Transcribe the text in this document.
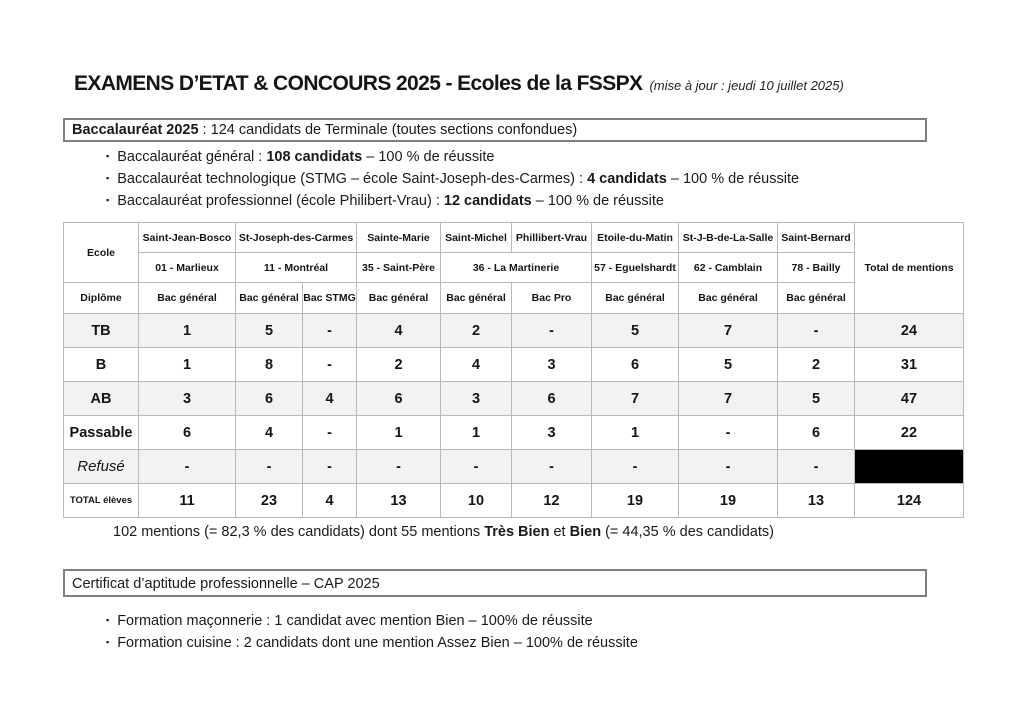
EXAMENS D’ETAT & CONCOURS 2025 - Ecoles de la FSSPX (mise à jour : jeudi 10 juillet 2025)
Baccalauréat 2025 : 124 candidats de Terminale (toutes sections confondues)
▪ Baccalauréat général : 108 candidats – 100 % de réussite
▪ Baccalauréat technologique (STMG – école Saint-Joseph-des-Carmes) : 4 candidats – 100 % de réussite
▪ Baccalauréat professionnel (école Philibert-Vrau) : 12 candidats – 100 % de réussite
Ecole	Saint-Jean-Bosco	St-Joseph-des-Carmes		Sainte-Marie	Saint-Michel	Phillibert-Vrau	Etoile-du-Matin	St-J-B-de-La-Salle	Saint-Bernard	Total de mentions
	01 - Marlieux	11 - Montréal		35 - Saint-Père	36 - La Martinerie		57 - Eguelshardt	62 - Camblain	78 - Bailly	
Diplôme	Bac général	Bac général	Bac STMG	Bac général	Bac général	Bac Pro	Bac général	Bac général	Bac général	
TB	1	5	-	4	2	-	5	7	-	24
B	1	8	-	2	4	3	6	5	2	31
AB	3	6	4	6	3	6	7	7	5	47
Passable	6	4	-	1	1	3	1	-	6	22
Refusé	-	-	-	-	-	-	-	-	-	
TOTAL élèves	11	23	4	13	10	12	19	19	13	124
102 mentions (= 82,3 % des candidats) dont 55 mentions Très Bien et Bien (= 44,35 % des candidats)
Certificat d’aptitude professionnelle – CAP 2025
▪ Formation maçonnerie : 1 candidat avec mention Bien – 100% de réussite
▪ Formation cuisine : 2 candidats dont une mention Assez Bien – 100% de réussite
